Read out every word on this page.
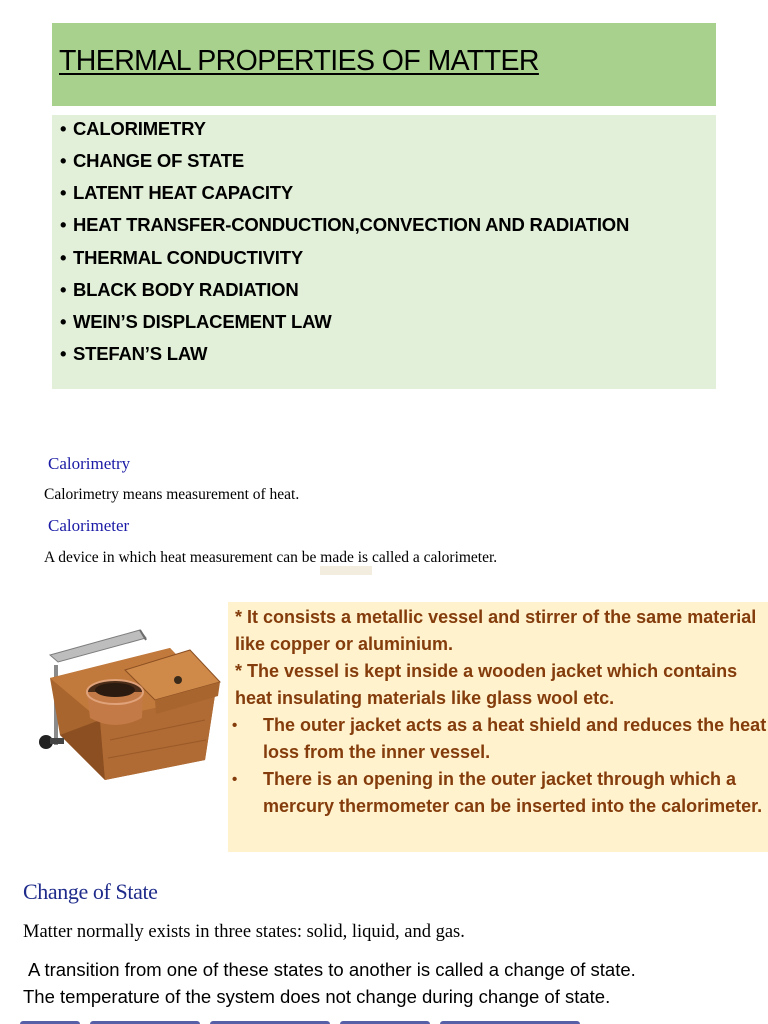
THERMAL PROPERTIES OF MATTER
• CALORIMETRY
• CHANGE OF STATE
• LATENT HEAT CAPACITY
• HEAT TRANSFER-CONDUCTION,CONVECTION AND RADIATION
• THERMAL CONDUCTIVITY
• BLACK BODY RADIATION
• WEIN’S DISPLACEMENT LAW
• STEFAN’S LAW
Calorimetry
Calorimetry means measurement of heat.
Calorimeter
A device in which heat measurement can be made is called a calorimeter.
* It consists a metallic vessel and stirrer of the same material like copper or aluminium.
* The vessel is kept inside a wooden jacket which contains heat insulating materials like glass wool etc.
• The outer jacket acts as a heat shield and reduces the heat loss from the inner vessel.
• There is an opening in the outer jacket through which a mercury thermometer can be inserted into the calorimeter.
Change of State
Matter normally exists in three states: solid, liquid, and gas.
A transition from one of these states to another is called a change of state.
The temperature of the system does not change during change of state.
